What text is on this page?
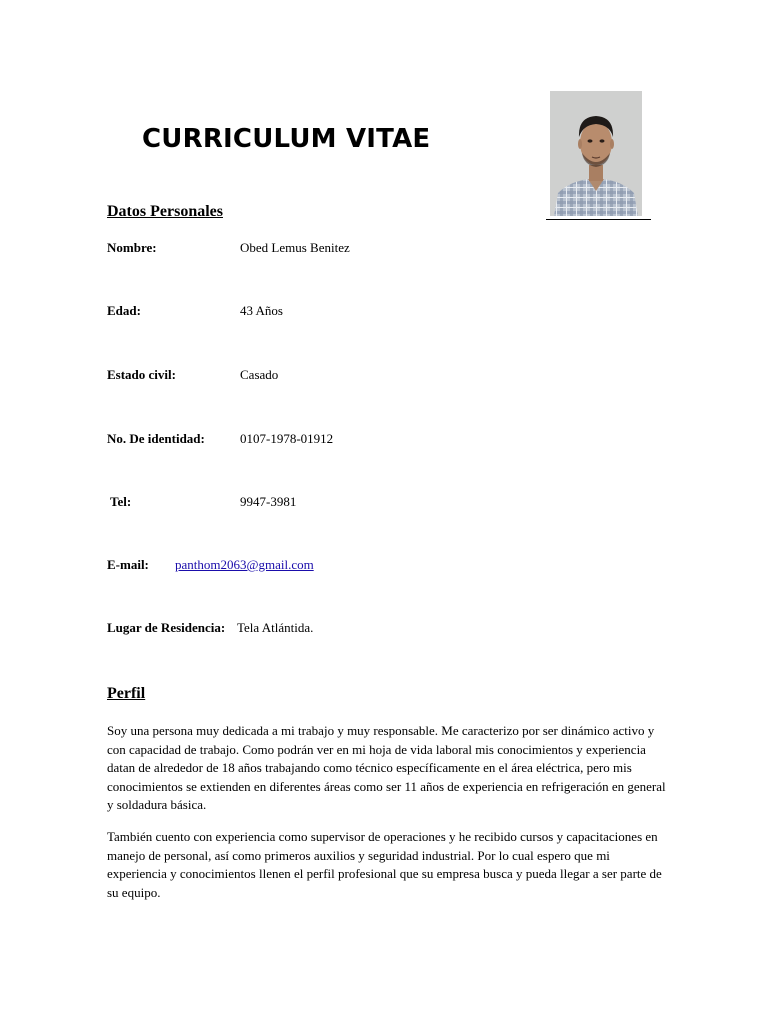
CURRICULUM VITAE
Datos Personales
Nombre:	Obed Lemus Benitez
Edad:	43 Años
Estado civil:	Casado
No. De identidad:	0107-1978-01912
Tel:	9947-3981
E-mail: panthom2063@gmail.com
Lugar de Residencia: Tela Atlántida.
Perfil

Soy una persona muy dedicada a mi trabajo y muy responsable. Me caracterizo por ser dinámico activo y con capacidad de trabajo. Como podrán ver en mi hoja de vida laboral mis conocimientos y experiencia datan de alrededor de 18 años trabajando como técnico específicamente en el área eléctrica, pero mis conocimientos se extienden en diferentes áreas como ser 11 años de experiencia en refrigeración en general y soldadura básica.

También cuento con experiencia como supervisor de operaciones y he recibido cursos y capacitaciones en manejo de personal, así como primeros auxilios y seguridad industrial. Por lo cual espero que mi experiencia y conocimientos llenen el perfil profesional que su empresa busca y pueda llegar a ser parte de su equipo.
